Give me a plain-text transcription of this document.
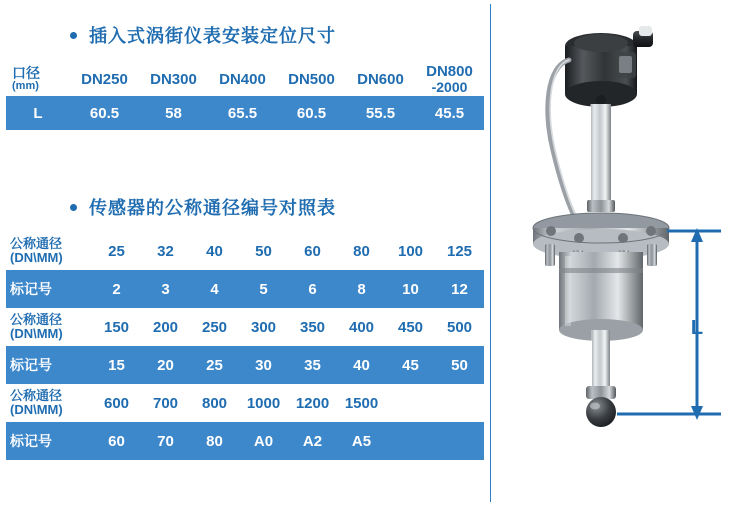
插入式涡街仪表安装定位尺寸
口径
(mm)	DN250	DN300	DN400	DN500	DN600	DN800
-2000

L	60.5	58	65.5	60.5	55.5	45.5
传感器的公称通径编号对照表
公称通径
(DN\MM)	25	32	40	50	60	80	100	125
标记号	2	3	4	5	6	8	10	12
公称通径
(DN\MM)	150	200	250	300	350	400	450	500
标记号	15	20	25	30	35	40	45	50
公称通径
(DN\MM)	600	700	800	1000	1200	1500		
标记号	60	70	80	A0	A2	A5		
L
